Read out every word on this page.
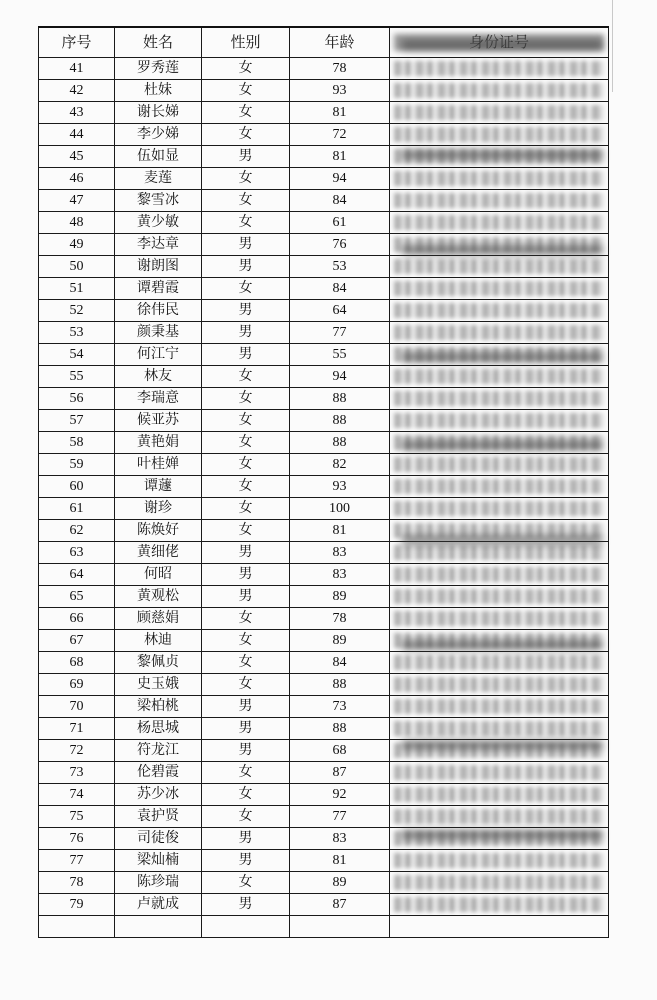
序号	姓名	性别	年龄	

41	罗秀莲	女	78	

42	杜妹	女	93	

43	谢长娣	女	81	

44	李少娣	女	72	

45	伍如显	男	81	

46	麦莲	女	94	

47	黎雪冰	女	84	

48	黄少敏	女	61	

49	李达章	男	76	

50	谢朗图	男	53	

51	谭碧霞	女	84	

52	徐伟民	男	64	

53	颜秉基	男	77	

54	何江宁	男	55	

55	林友	女	94	

56	李瑞意	女	88	

57	候亚苏	女	88	

58	黄艳娟	女	88	

59	叶桂婵	女	82	

60	谭蘧	女	93	

61	谢珍	女	100	

62	陈焕好	女	81	

63	黄细佬	男	83	

64	何昭	男	83	

65	黄观松	男	89	

66	顾慈娟	女	78	

67	林迪	女	89	

68	黎佩贞	女	84	

69	史玉娥	女	88	

70	梁柏桃	男	73	

71	杨思城	男	88	

72	符龙江	男	68	

73	伦碧霞	女	87	

74	苏少冰	女	92	

75	袁护贤	女	77	

76	司徒俊	男	83	

77	梁灿楠	男	81	

78	陈珍瑞	女	89	

79	卢就成	男	87	
